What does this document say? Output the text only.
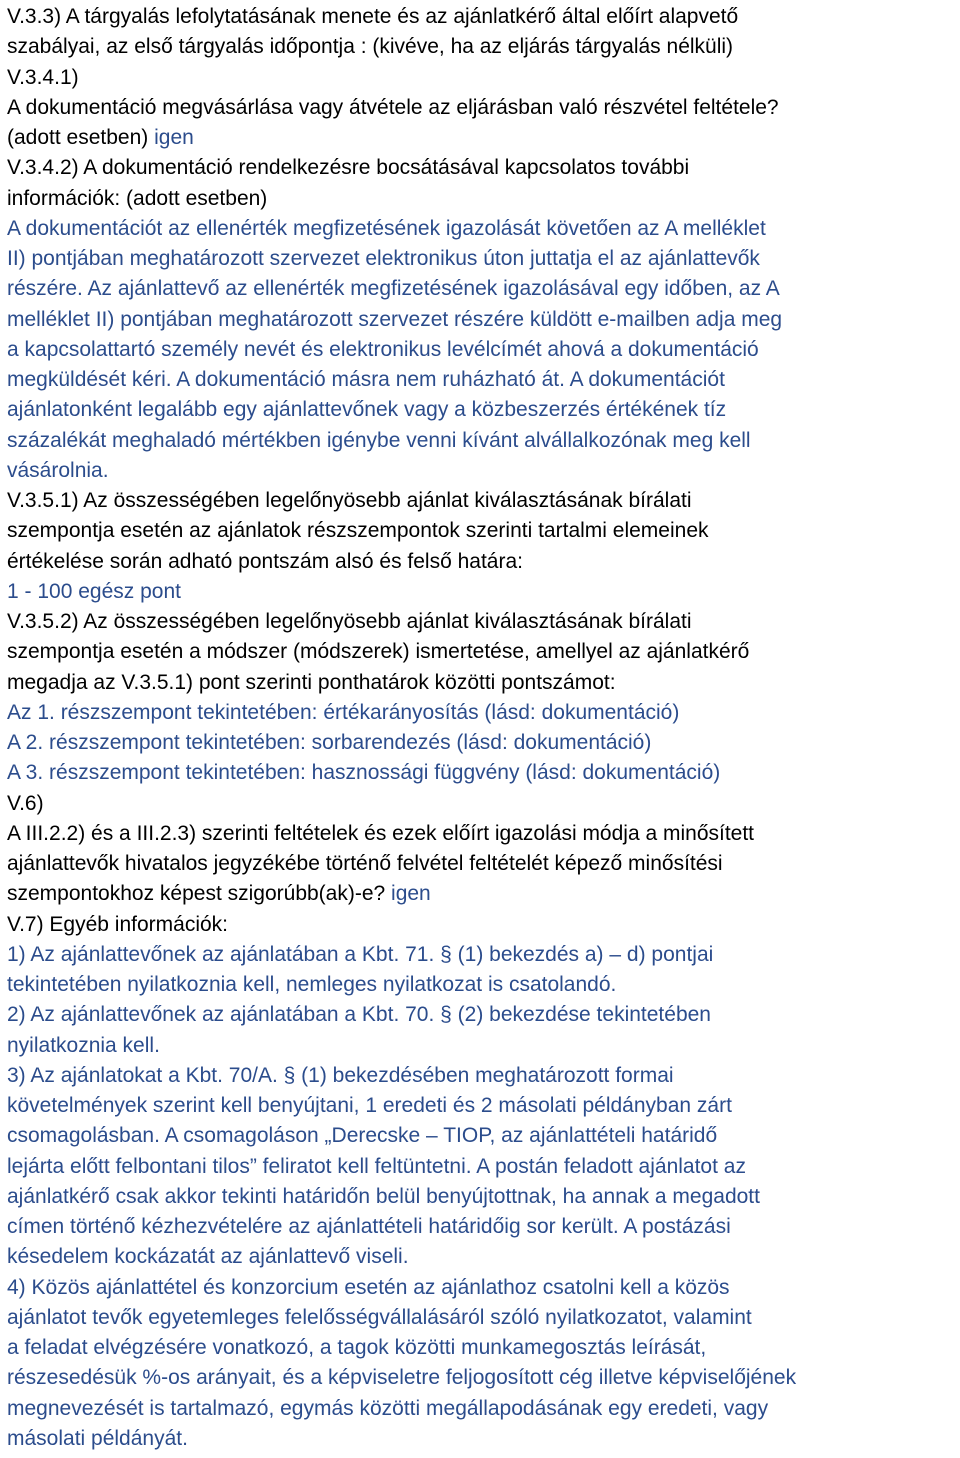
V.3.3) A tárgyalás lefolytatásának menete és az ajánlatkérő által előírt alapvető
szabályai, az első tárgyalás időpontja : (kivéve, ha az eljárás tárgyalás nélküli)
V.3.4.1)
A dokumentáció megvásárlása vagy átvétele az eljárásban való részvétel feltétele?
(adott esetben) igen
V.3.4.2) A dokumentáció rendelkezésre bocsátásával kapcsolatos további
információk: (adott esetben)
A dokumentációt az ellenérték megfizetésének igazolását követően az A melléklet
II) pontjában meghatározott szervezet elektronikus úton juttatja el az ajánlattevők
részére. Az ajánlattevő az ellenérték megfizetésének igazolásával egy időben, az A
melléklet II) pontjában meghatározott szervezet részére küldött e-mailben adja meg
a kapcsolattartó személy nevét és elektronikus levélcímét ahová a dokumentáció
megküldését kéri. A dokumentáció másra nem ruházható át. A dokumentációt
ajánlatonként legalább egy ajánlattevőnek vagy a közbeszerzés értékének tíz
százalékát meghaladó mértékben igénybe venni kívánt alvállalkozónak meg kell
vásárolnia.
V.3.5.1) Az összességében legelőnyösebb ajánlat kiválasztásának bírálati
szempontja esetén az ajánlatok részszempontok szerinti tartalmi elemeinek
értékelése során adható pontszám alsó és felső határa:
1 - 100 egész pont
V.3.5.2) Az összességében legelőnyösebb ajánlat kiválasztásának bírálati
szempontja esetén a módszer (módszerek) ismertetése, amellyel az ajánlatkérő
megadja az V.3.5.1) pont szerinti ponthatárok közötti pontszámot:
Az 1. részszempont tekintetében: értékarányosítás (lásd: dokumentáció)
A 2. részszempont tekintetében: sorbarendezés (lásd: dokumentáció)
A 3. részszempont tekintetében: hasznossági függvény (lásd: dokumentáció)
V.6)
A III.2.2) és a III.2.3) szerinti feltételek és ezek előírt igazolási módja a minősített
ajánlattevők hivatalos jegyzékébe történő felvétel feltételét képező minősítési
szempontokhoz képest szigorúbb(ak)-e? igen
V.7) Egyéb információk:
1) Az ajánlattevőnek az ajánlatában a Kbt. 71. § (1) bekezdés a) – d) pontjai
tekintetében nyilatkoznia kell, nemleges nyilatkozat is csatolandó.
2) Az ajánlattevőnek az ajánlatában a Kbt. 70. § (2) bekezdése tekintetében
nyilatkoznia kell.
3) Az ajánlatokat a Kbt. 70/A. § (1) bekezdésében meghatározott formai
követelmények szerint kell benyújtani, 1 eredeti és 2 másolati példányban zárt
csomagolásban. A csomagoláson „Derecske – TIOP, az ajánlattételi határidő
lejárta előtt felbontani tilos” feliratot kell feltüntetni. A postán feladott ajánlatot az
ajánlatkérő csak akkor tekinti határidőn belül benyújtottnak, ha annak a megadott
címen történő kézhezvételére az ajánlattételi határidőig sor került. A postázási
késedelem kockázatát az ajánlattevő viseli.
4) Közös ajánlattétel és konzorcium esetén az ajánlathoz csatolni kell a közös
ajánlatot tevők egyetemleges felelősségvállalásáról szóló nyilatkozatot, valamint
a feladat elvégzésére vonatkozó, a tagok közötti munkamegosztás leírását,
részesedésük %-os arányait, és a képviseletre feljogosított cég illetve képviselőjének
megnevezését is tartalmazó, egymás közötti megállapodásának egy eredeti, vagy
másolati példányát.
